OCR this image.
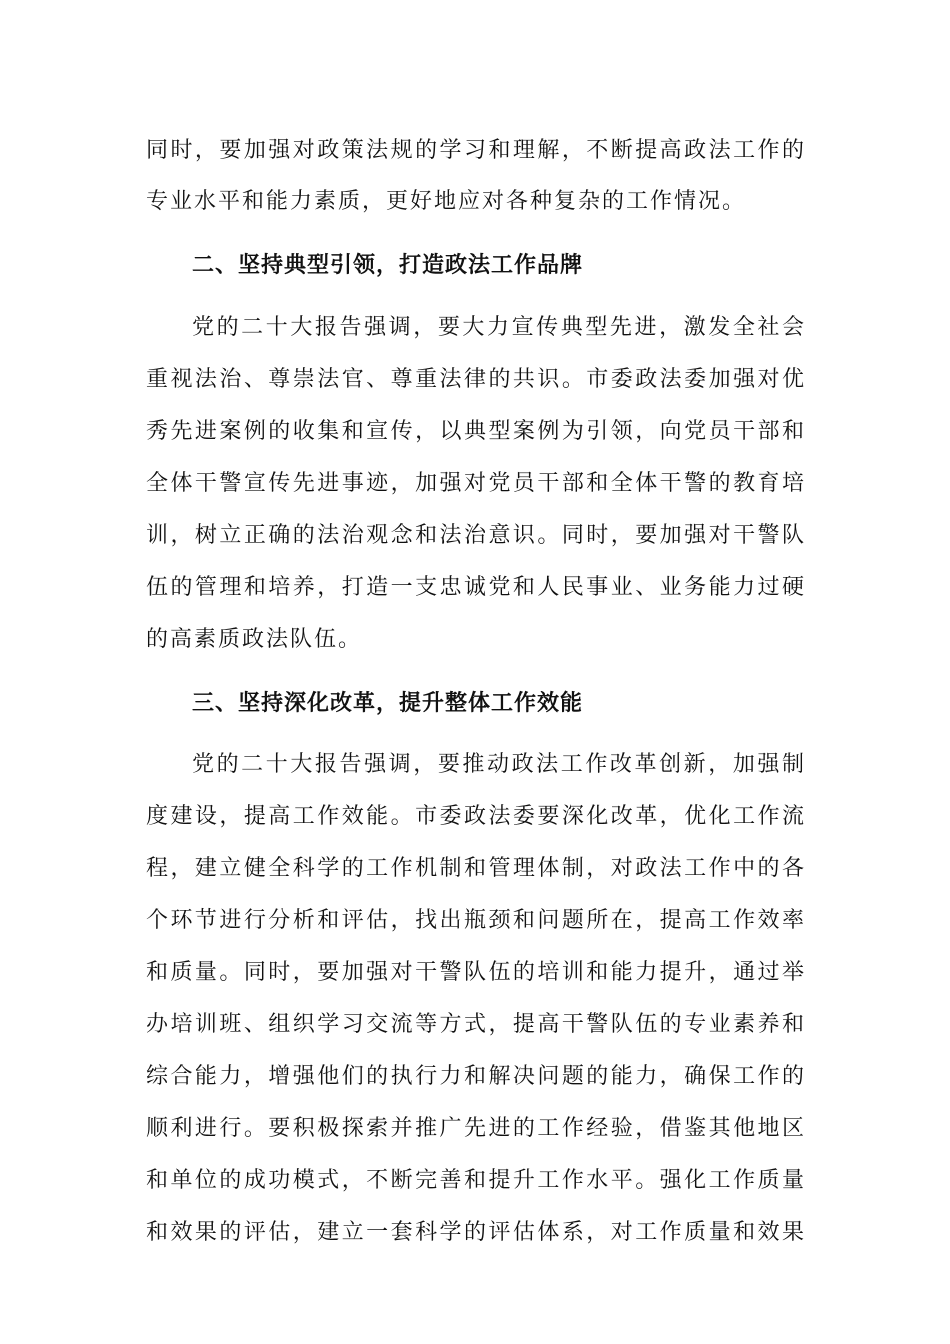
同时，要加强对政策法规的学习和理解，不断提高政法工作的
专业水平和能力素质，更好地应对各种复杂的工作情况。
二、坚持典型引领，打造政法工作品牌
党的二十大报告强调，要大力宣传典型先进，激发全社会
重视法治、尊崇法官、尊重法律的共识。市委政法委加强对优
秀先进案例的收集和宣传，以典型案例为引领，向党员干部和
全体干警宣传先进事迹，加强对党员干部和全体干警的教育培
训，树立正确的法治观念和法治意识。同时，要加强对干警队
伍的管理和培养，打造一支忠诚党和人民事业、业务能力过硬
的高素质政法队伍。
三、坚持深化改革，提升整体工作效能
党的二十大报告强调，要推动政法工作改革创新，加强制
度建设，提高工作效能。市委政法委要深化改革，优化工作流
程，建立健全科学的工作机制和管理体制，对政法工作中的各
个环节进行分析和评估，找出瓶颈和问题所在，提高工作效率
和质量。同时，要加强对干警队伍的培训和能力提升，通过举
办培训班、组织学习交流等方式，提高干警队伍的专业素养和
综合能力，增强他们的执行力和解决问题的能力，确保工作的
顺利进行。要积极探索并推广先进的工作经验，借鉴其他地区
和单位的成功模式，不断完善和提升工作水平。强化工作质量
和效果的评估，建立一套科学的评估体系，对工作质量和效果
